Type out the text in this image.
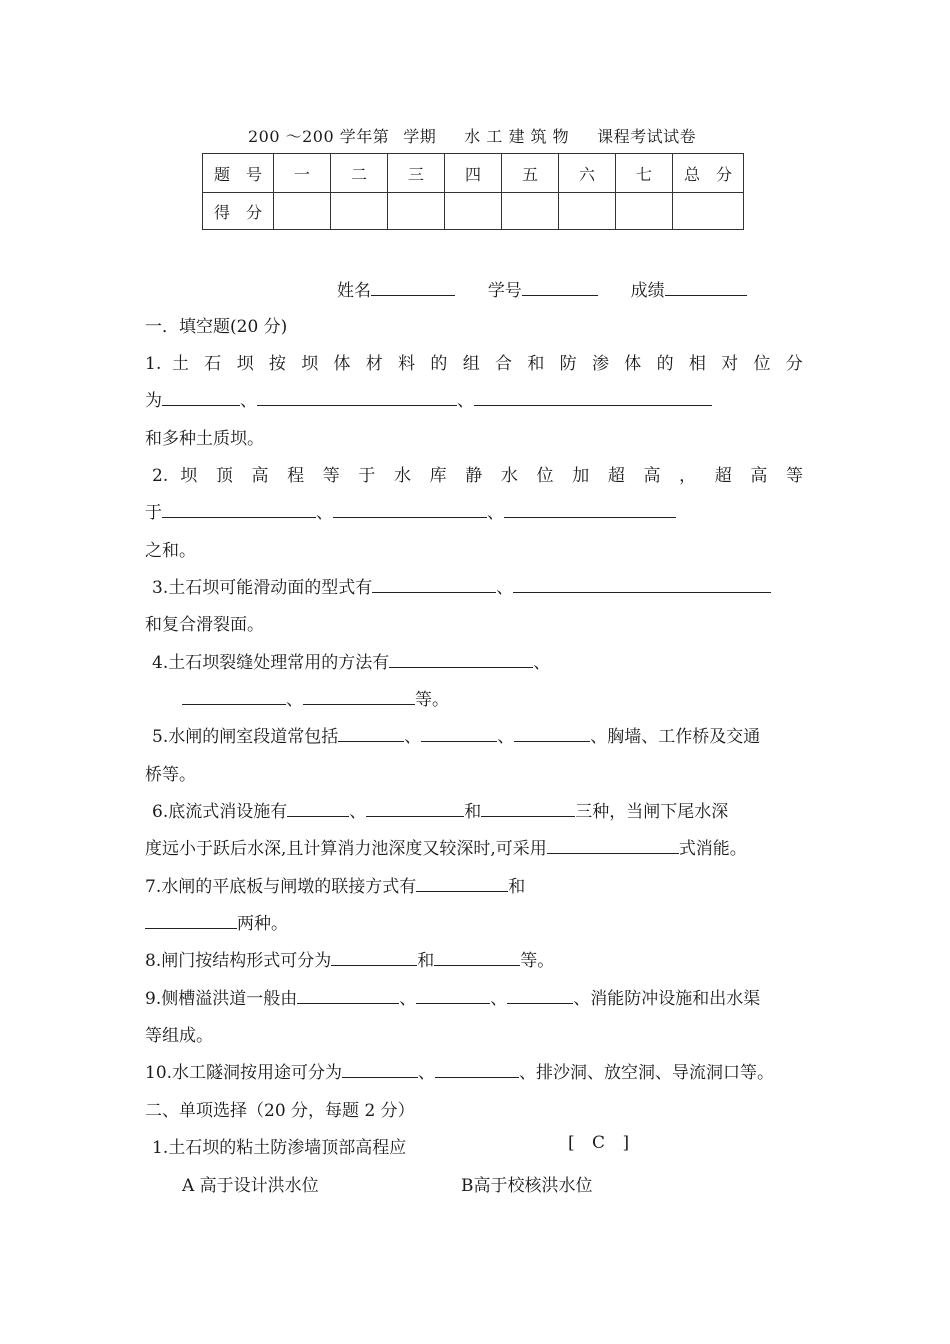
200 ～200 学年第 学期 水 工 建 筑 物 课程考试试卷
题　号	一	二	三	四	五	六	七	总　分
得　分								
姓名	学号	成绩
一．填空题(20 分)
1. 土 石 坝 按 坝 体 材 料 的 组 合 和 防 渗 体 的 相 对 位 分
为	、	、
和多种土质坝。
2. 坝 顶 高 程 等 于 水 库 静 水 位 加 超 高 ， 超 高 等
于	、	、
之和。
3.土石坝可能滑动面的型式有	、
和复合滑裂面。
4.土石坝裂缝处理常用的方法有	、
、	等。
5.水闸的闸室段道常包括	、	、	、胸墙、工作桥及交通
桥等。
6.底流式消设施有	、	和	三种，当闸下尾水深
度远小于跃后水深,且计算消力池深度又较深时,可采用	式消能。
7.水闸的平底板与闸墩的联接方式有	和
两种。
8.闸门按结构形式可分为	和	等。
9.侧槽溢洪道一般由	、	、	、消能防冲设施和出水渠
等组成。
10.水工隧洞按用途可分为	、	、排沙洞、放空洞、导流洞口等。
二、单项选择（20 分，每题 2 分）
1.土石坝的粘土防渗墙顶部高程应	[ C ]
A 高于设计洪水位	B高于校核洪水位
